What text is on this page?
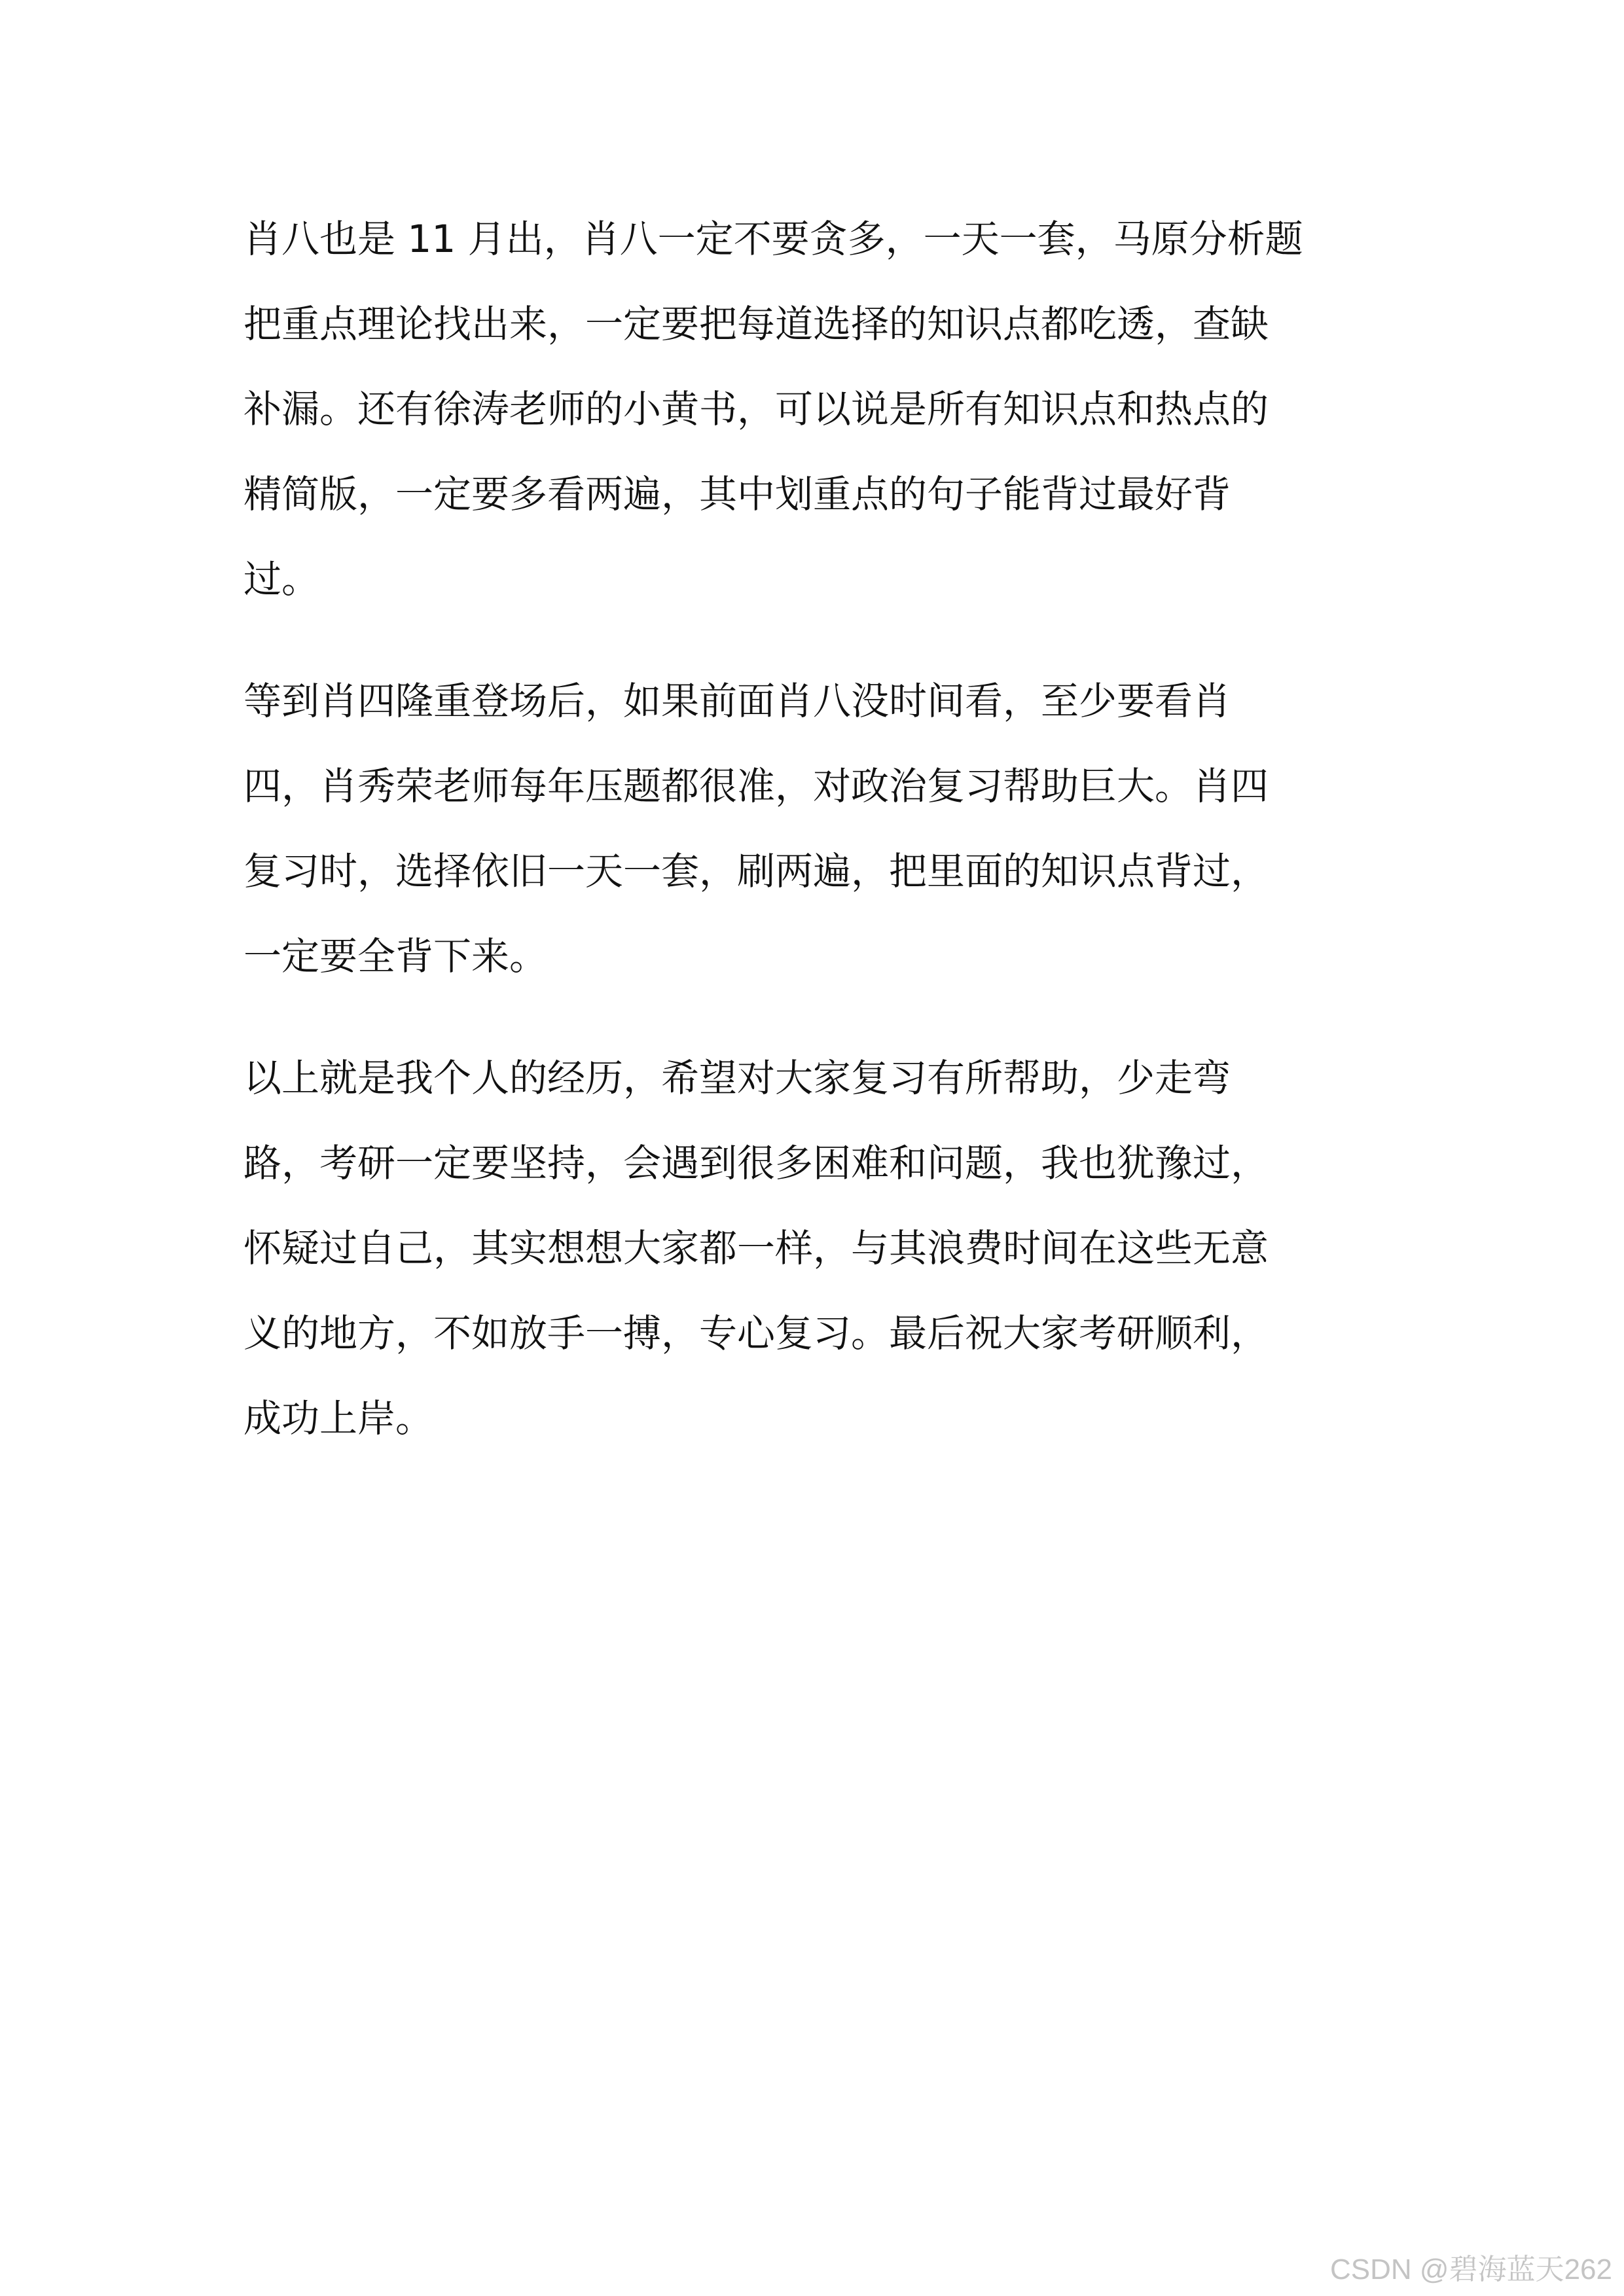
肖八也是 11 月出，肖八一定不要贪多，一天一套，马原分析题
把重点理论找出来，一定要把每道选择的知识点都吃透，查缺
补漏。还有徐涛老师的小黄书，可以说是所有知识点和热点的
精简版，一定要多看两遍，其中划重点的句子能背过最好背
过。
等到肖四隆重登场后，如果前面肖八没时间看，至少要看肖
四，肖秀荣老师每年压题都很准，对政治复习帮助巨大。肖四
复习时，选择依旧一天一套，刷两遍，把里面的知识点背过，
一定要全背下来。
以上就是我个人的经历，希望对大家复习有所帮助，少走弯
路，考研一定要坚持，会遇到很多困难和问题，我也犹豫过，
怀疑过自己，其实想想大家都一样，与其浪费时间在这些无意
义的地方，不如放手一搏，专心复习。最后祝大家考研顺利，
成功上岸。
CSDN @碧海蓝天262
